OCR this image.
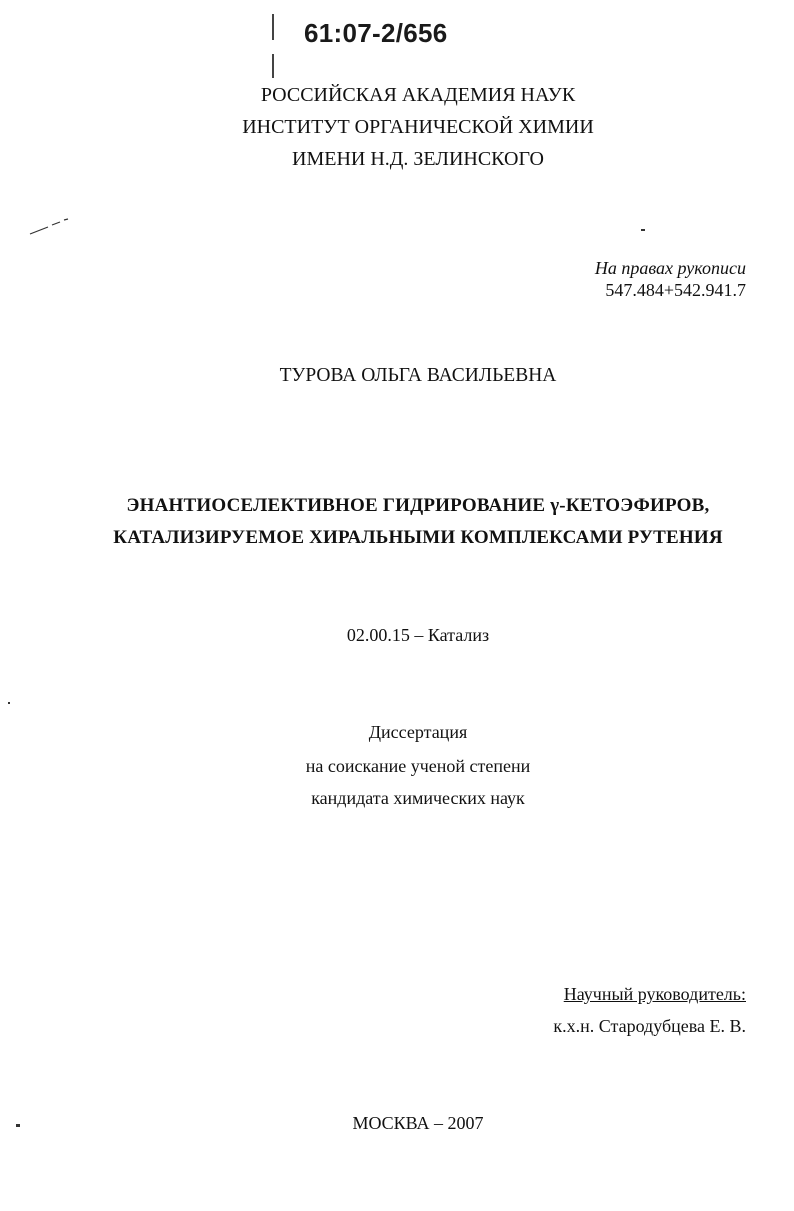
61:07-2/656
РОССИЙСКАЯ АКАДЕМИЯ НАУК
ИНСТИТУТ ОРГАНИЧЕСКОЙ ХИМИИ
ИМЕНИ Н.Д. ЗЕЛИНСКОГО
На правах рукописи
547.484+542.941.7
ТУРОВА ОЛЬГА ВАСИЛЬЕВНА
ЭНАНТИОСЕЛЕКТИВНОЕ ГИДРИРОВАНИЕ γ-КЕТОЭФИРОВ,
КАТАЛИЗИРУЕМОЕ ХИРАЛЬНЫМИ КОМПЛЕКСАМИ РУТЕНИЯ
02.00.15 – Катализ
Диссертация
на соискание ученой степени
кандидата химических наук
Научный руководитель:
к.х.н. Стародубцева Е. В.
МОСКВА – 2007
